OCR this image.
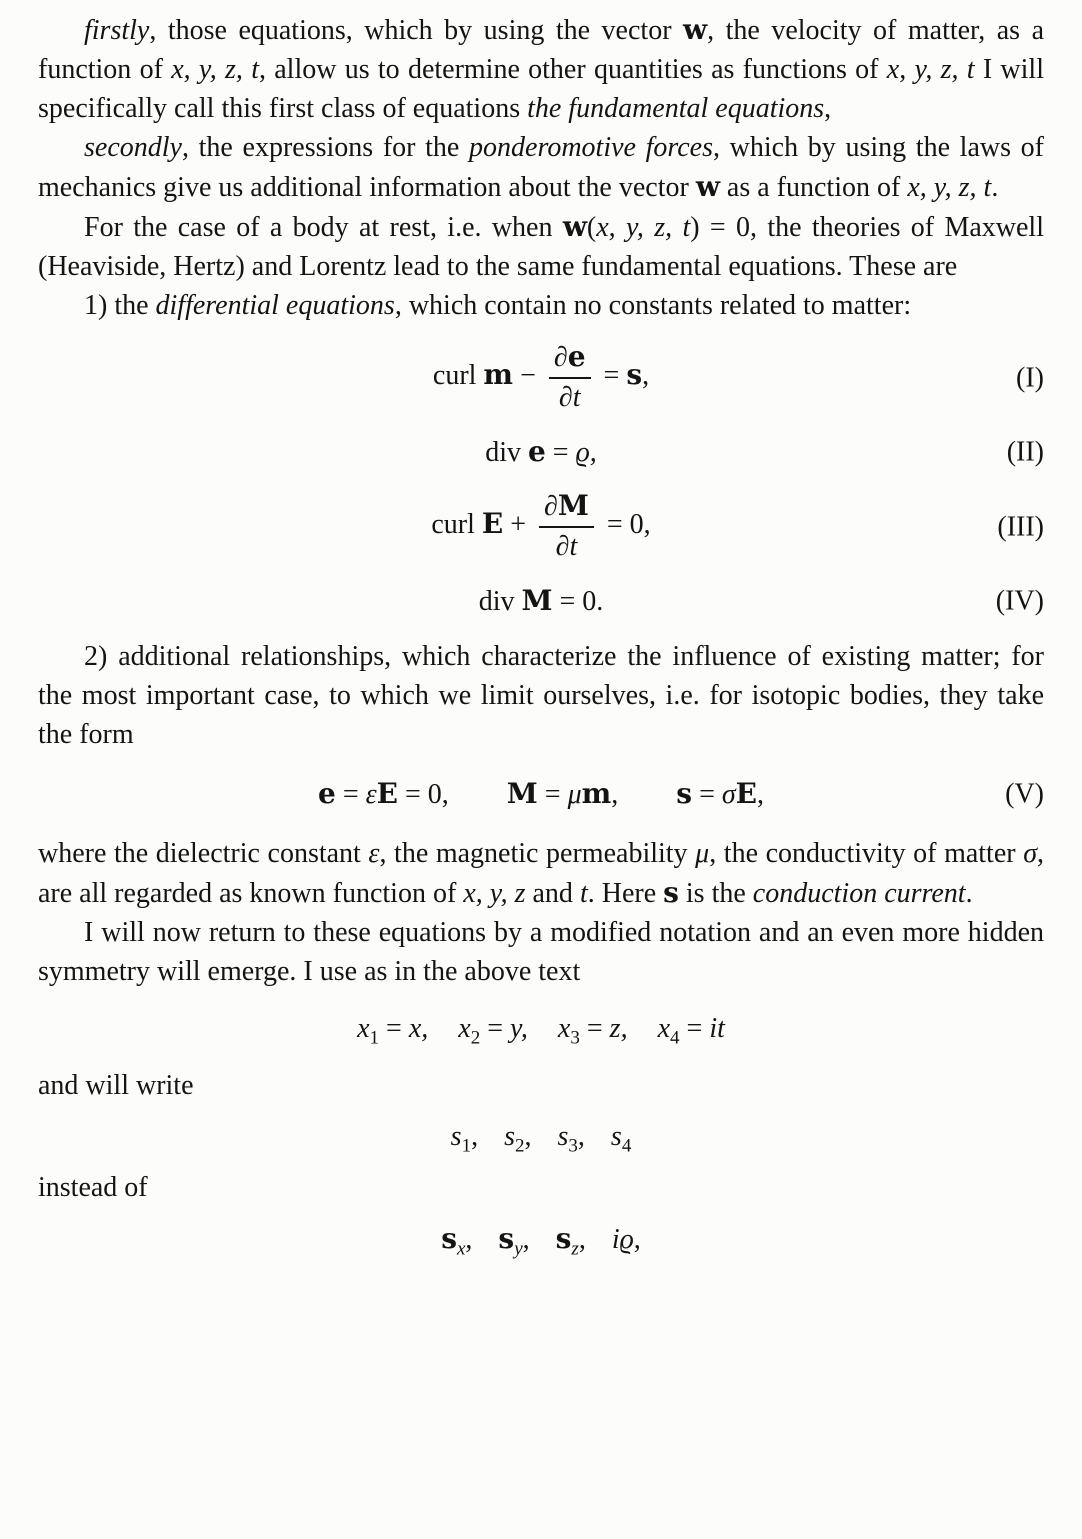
firstly, those equations, which by using the vector w, the velocity of matter, as a function of x, y, z, t, allow us to determine other quantities as functions of x, y, z, t I will specifically call this first class of equations the fundamental equations,

secondly, the expressions for the ponderomotive forces, which by using the laws of mechanics give us additional information about the vector w as a function of x, y, z, t.

For the case of a body at rest, i.e. when w(x, y, z, t) = 0, the theories of Maxwell (Heaviside, Hertz) and Lorentz lead to the same fundamental equations. These are

1) the differential equations, which contain no constants related to matter:

curl $m - \frac{\partial e}{\partial t} = s$,	(I)
div e = ϱ,	(II)
curl $E + \frac{\partial M}{\partial t} = 0$,	(III)
div M = 0.	(IV)

2) additional relationships, which characterize the influence of existing matter; for the most important case, to which we limit ourselves, i.e. for isotopic bodies, they take the form

e = εE = 0, M = μm, s = σE,	(V)

where the dielectric constant ε, the magnetic permeability μ, the conductivity of matter σ, are all regarded as known function of x, y, z and t. Here s is the conduction current.

I will now return to these equations by a modified notation and an even more hidden symmetry will emerge. I use as in the above text

$x_1 = x$, $x_2 = y$, $x_3 = z$, $x_4$ = it

and will write

$s_1$, $s_2$, $s_3$, $s_4$

instead of

$s_x$, $s_y$, $s_z$, iϱ,
